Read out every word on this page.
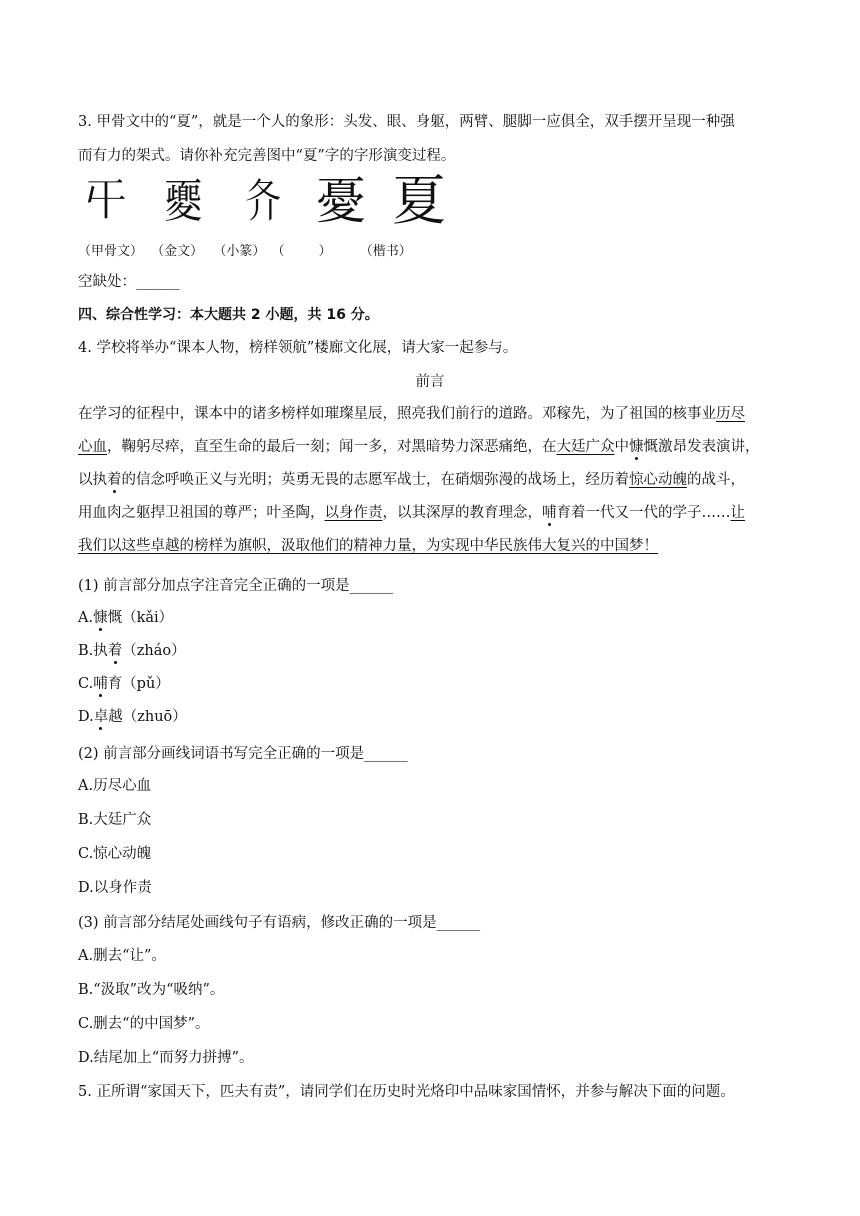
3. 甲骨文中的“夏”，就是一个人的象形：头发、眼、身躯，两臂、腿脚一应俱全，双手摆开呈现一种强
而有力的架式。请你补充完善图中“夏”字的字形演变过程。
𡕒 夒 𡕓 憂 夏
（甲骨文） （金文） （小篆） （	） （楷书）
空缺处：______
四、综合性学习：本大题共 2 小题，共 16 分。
4. 学校将举办“课本人物，榜样领航”楼廊文化展，请大家一起参与。
前言
在学习的征程中，课本中的诸多榜样如璀璨星辰，照亮我们前行的道路。邓稼先，为了祖国的核事业历尽
心血，鞠躬尽瘁，直至生命的最后一刻；闻一多，对黑暗势力深恶痛绝，在大廷广众中慷慨激昂发表演讲，
以执着的信念呼唤正义与光明；英勇无畏的志愿军战士，在硝烟弥漫的战场上，经历着惊心动魄的战斗，
用血肉之躯捍卫祖国的尊严；叶圣陶，以身作责，以其深厚的教育理念，哺育着一代又一代的学子……让
我们以这些卓越的榜样为旗帜，汲取他们的精神力量，为实现中华民族伟大复兴的中国梦！
(1) 前言部分加点字注音完全正确的一项是______
A.慷慨（kǎi）
B.执着（zháo）
C.哺育（pǔ）
D.卓越（zhuō）
(2) 前言部分画线词语书写完全正确的一项是______
A.历尽心血
B.大廷广众
C.惊心动魄
D.以身作责
(3) 前言部分结尾处画线句子有语病，修改正确的一项是______
A.删去“让”。
B.“汲取”改为“吸纳”。
C.删去“的中国梦”。
D.结尾加上“而努力拼搏”。
5. 正所谓“家国天下，匹夫有责”，请同学们在历史时光烙印中品味家国情怀，并参与解决下面的问题。
